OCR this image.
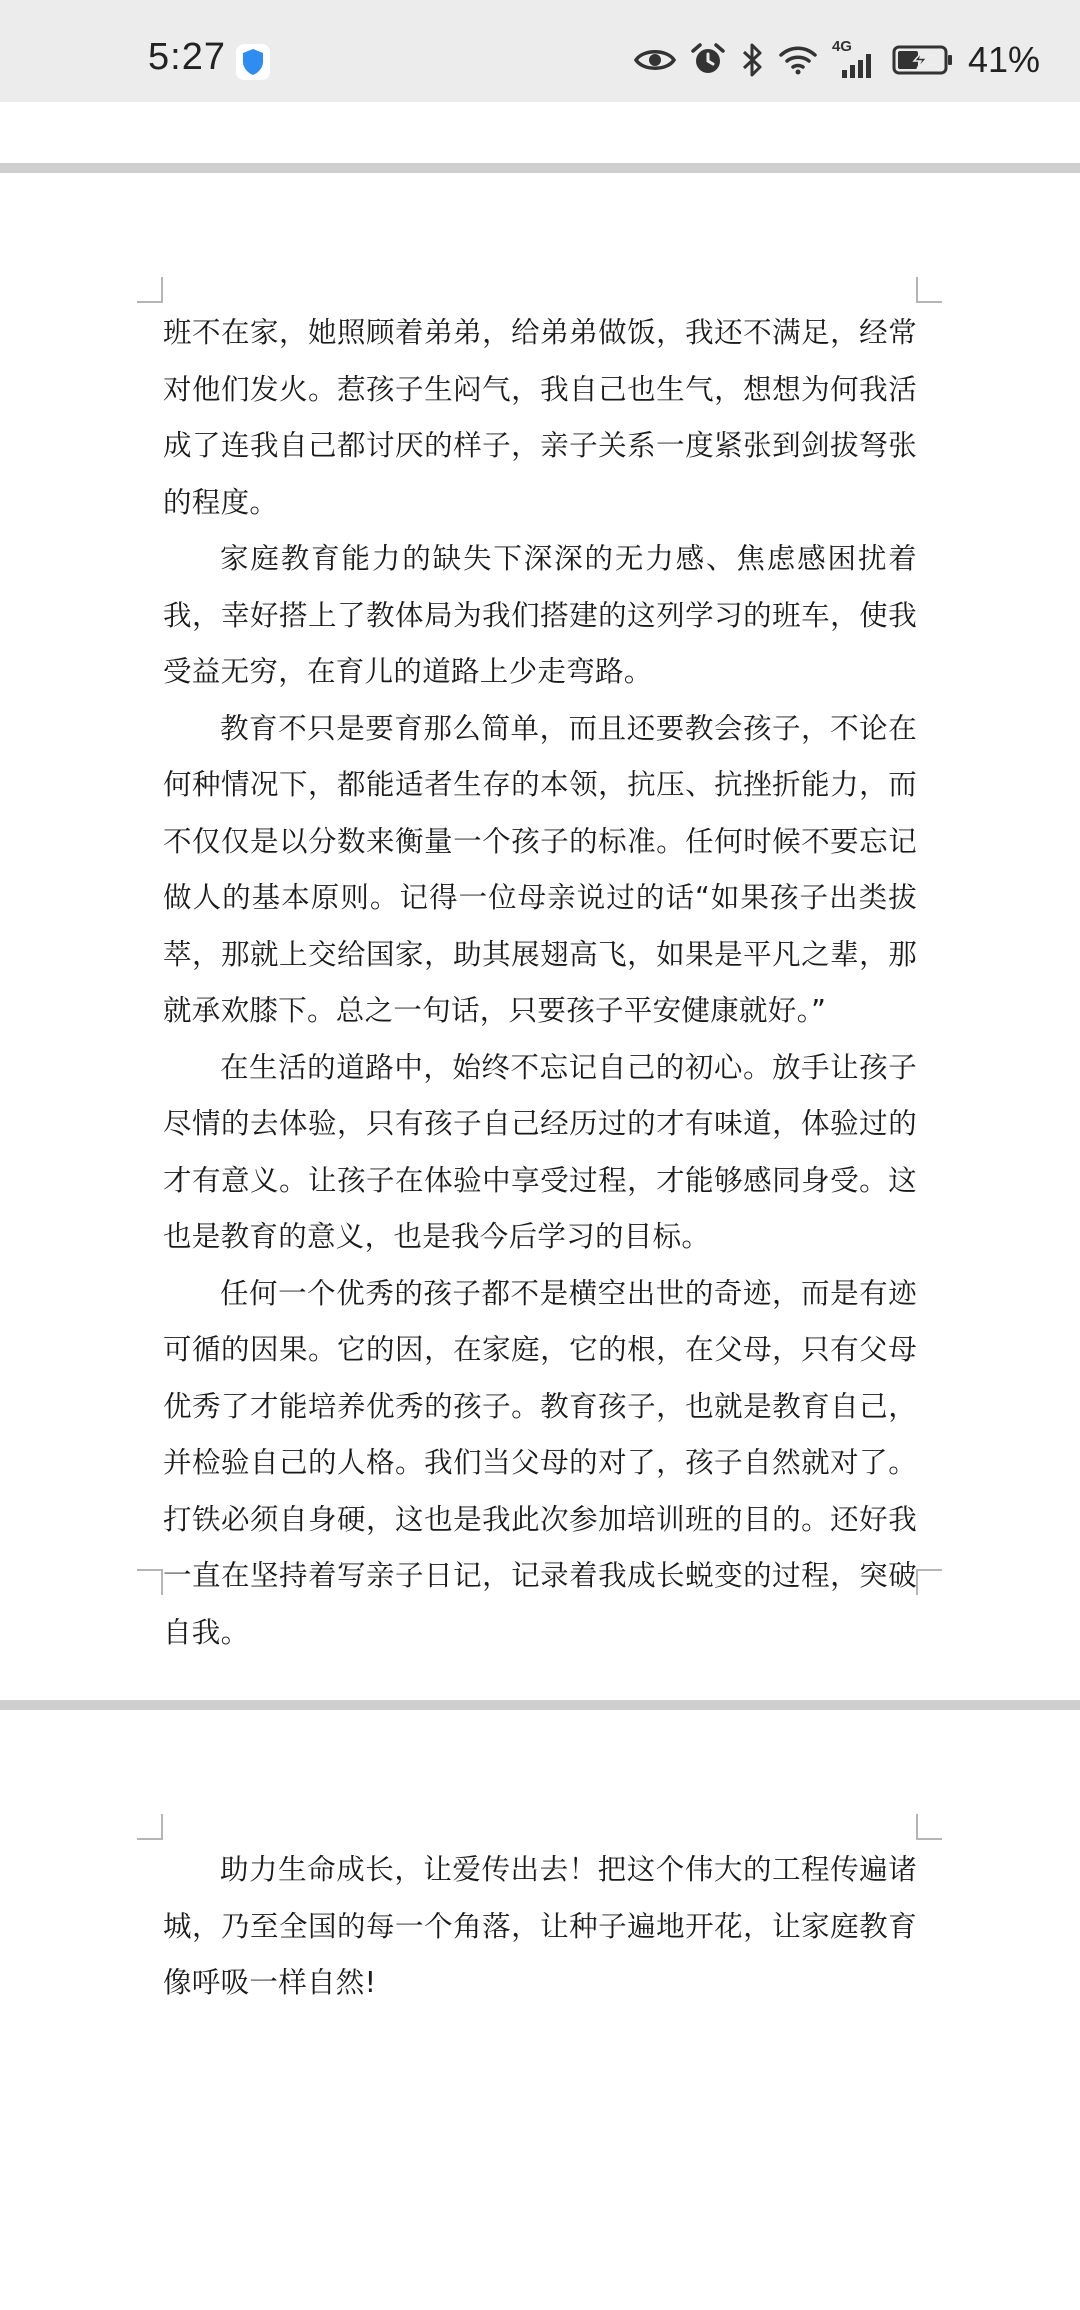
5:27	4G	41%

班不在家，她照顾着弟弟，给弟弟做饭，我还不满足，经常对他们发火。惹孩子生闷气，我自己也生气，想想为何我活成了连我自己都讨厌的样子，亲子关系一度紧张到剑拔弩张的程度。

家庭教育能力的缺失下深深的无力感、焦虑感困扰着我，幸好搭上了教体局为我们搭建的这列学习的班车，使我受益无穷，在育儿的道路上少走弯路。

教育不只是要育那么简单，而且还要教会孩子，不论在何种情况下，都能适者生存的本领，抗压、抗挫折能力，而不仅仅是以分数来衡量一个孩子的标准。任何时候不要忘记做人的基本原则。记得一位母亲说过的话“如果孩子出类拔萃，那就上交给国家，助其展翅高飞，如果是平凡之辈，那就承欢膝下。总之一句话，只要孩子平安健康就好。”

在生活的道路中，始终不忘记自己的初心。放手让孩子尽情的去体验，只有孩子自己经历过的才有味道，体验过的才有意义。让孩子在体验中享受过程，才能够感同身受。这也是教育的意义，也是我今后学习的目标。

任何一个优秀的孩子都不是横空出世的奇迹，而是有迹可循的因果。它的因，在家庭，它的根，在父母，只有父母优秀了才能培养优秀的孩子。教育孩子，也就是教育自己，并检验自己的人格。我们当父母的对了，孩子自然就对了。打铁必须自身硬，这也是我此次参加培训班的目的。还好我一直在坚持着写亲子日记，记录着我成长蜕变的过程，突破自我。

助力生命成长，让爱传出去！把这个伟大的工程传遍诸城，乃至全国的每一个角落，让种子遍地开花，让家庭教育像呼吸一样自然!
